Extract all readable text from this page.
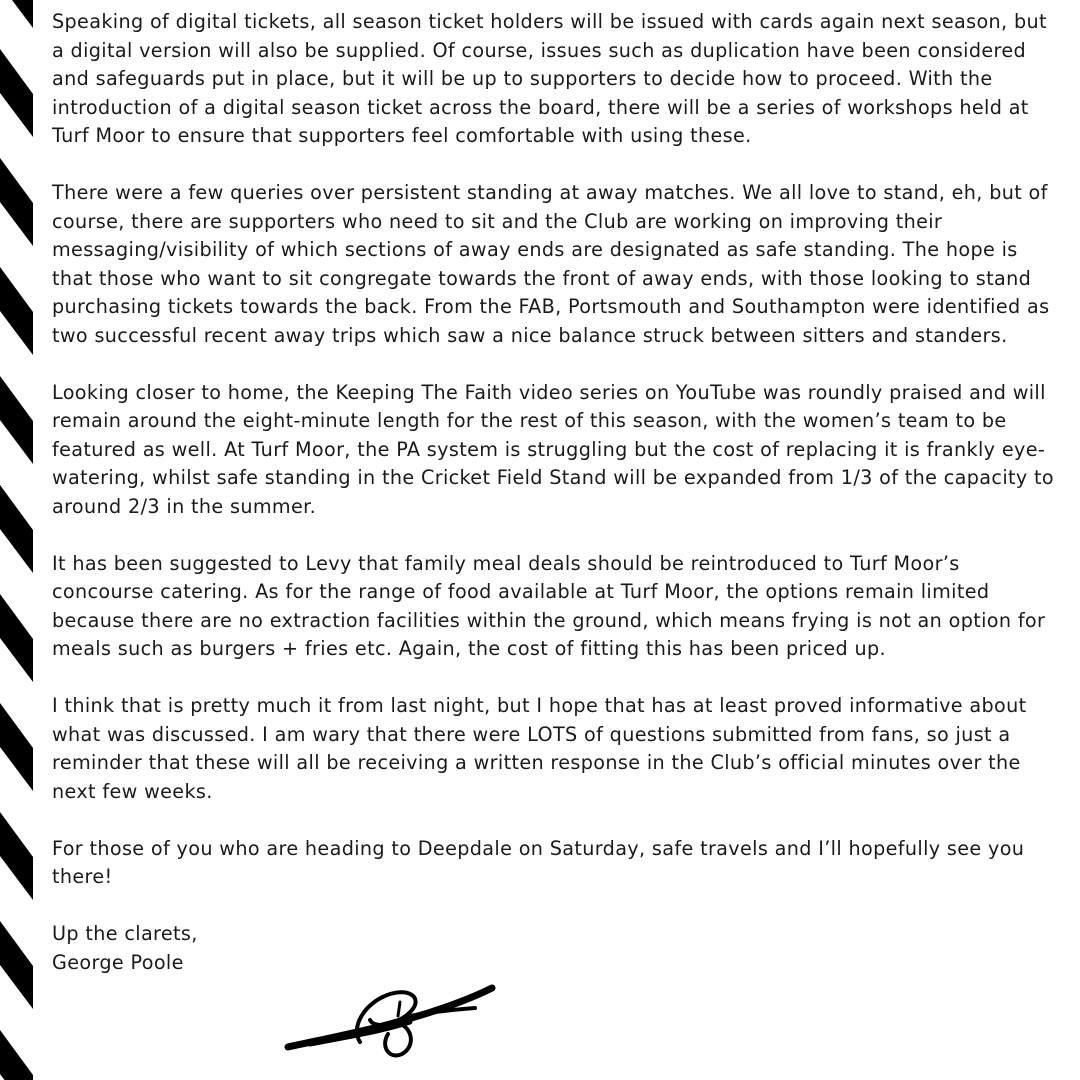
Speaking of digital tickets, all season ticket holders will be issued with cards again next season, but a digital version will also be supplied. Of course, issues such as duplication have been considered and safeguards put in place, but it will be up to supporters to decide how to proceed. With the introduction of a digital season ticket across the board, there will be a series of workshops held at Turf Moor to ensure that supporters feel comfortable with using these.

There were a few queries over persistent standing at away matches. We all love to stand, eh, but of course, there are supporters who need to sit and the Club are working on improving their messaging/visibility of which sections of away ends are designated as safe standing. The hope is that those who want to sit congregate towards the front of away ends, with those looking to stand purchasing tickets towards the back. From the FAB, Portsmouth and Southampton were identified as two successful recent away trips which saw a nice balance struck between sitters and standers.

Looking closer to home, the Keeping The Faith video series on YouTube was roundly praised and will remain around the eight-minute length for the rest of this season, with the women’s team to be featured as well. At Turf Moor, the PA system is struggling but the cost of replacing it is frankly eye-watering, whilst safe standing in the Cricket Field Stand will be expanded from 1/3 of the capacity to around 2/3 in the summer.

It has been suggested to Levy that family meal deals should be reintroduced to Turf Moor’s concourse catering. As for the range of food available at Turf Moor, the options remain limited because there are no extraction facilities within the ground, which means frying is not an option for meals such as burgers + fries etc. Again, the cost of fitting this has been priced up.

I think that is pretty much it from last night, but I hope that has at least proved informative about what was discussed. I am wary that there were LOTS of questions submitted from fans, so just a reminder that these will all be receiving a written response in the Club’s official minutes over the next few weeks.

For those of you who are heading to Deepdale on Saturday, safe travels and I’ll hopefully see you there!

Up the clarets,

George Poole
